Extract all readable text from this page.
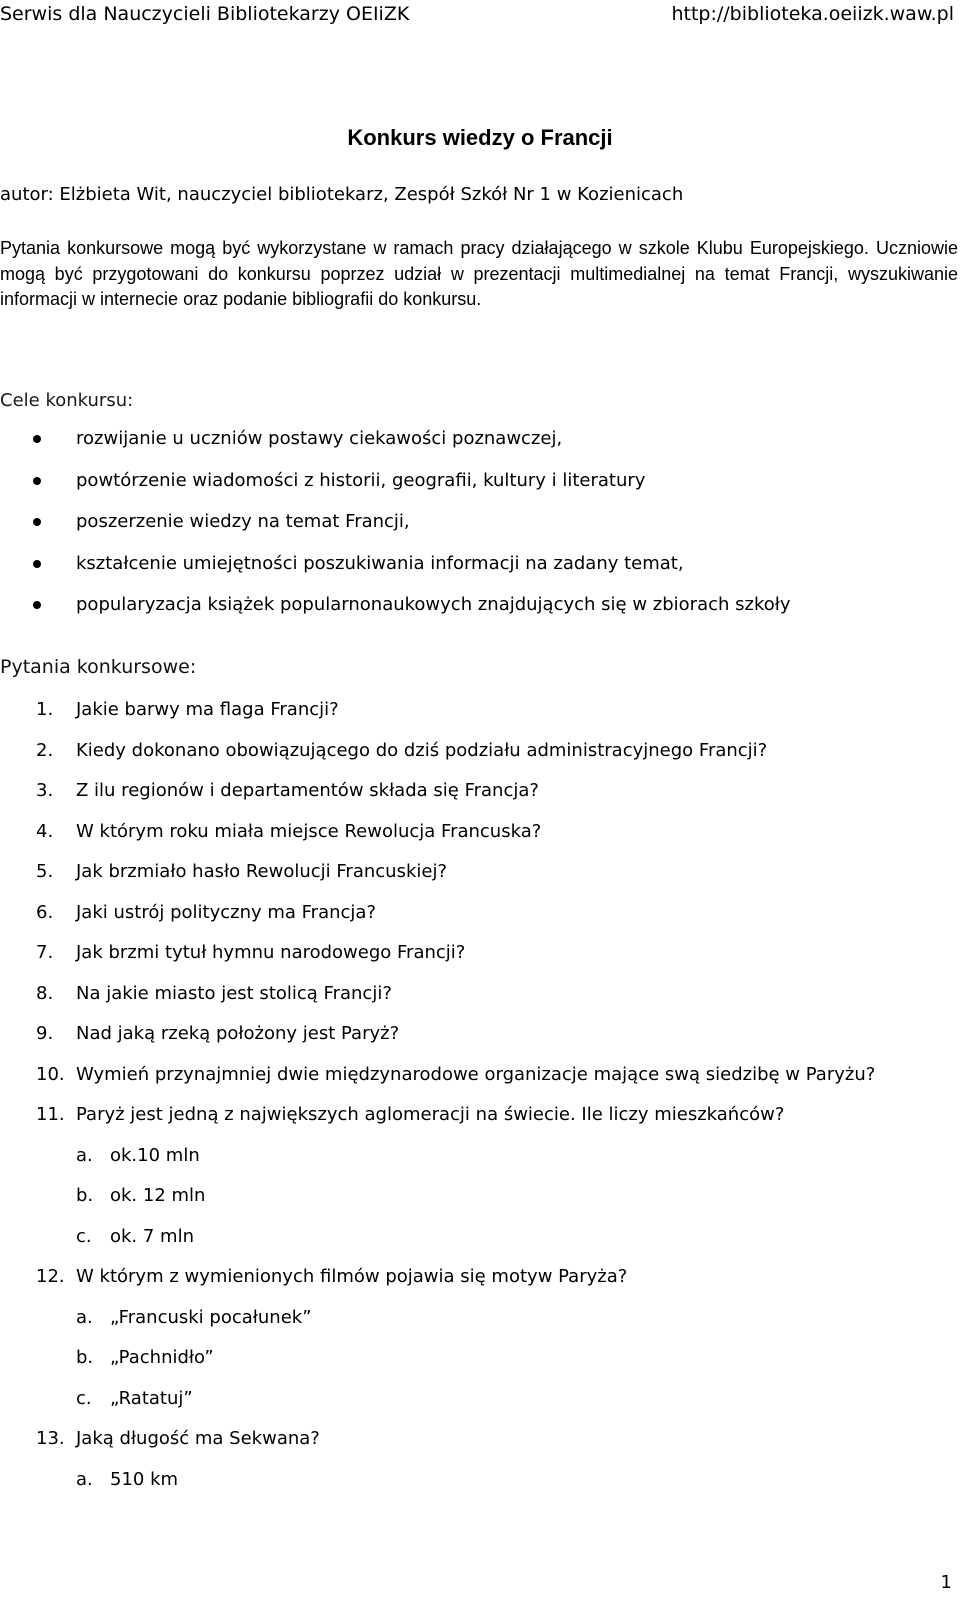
Serwis dla Nauczycieli Bibliotekarzy OEIiZK	http://biblioteka.oeiizk.waw.pl
Konkurs wiedzy o Francji
autor: Elżbieta Wit, nauczyciel bibliotekarz, Zespół Szkół Nr 1 w Kozienicach
Pytania konkursowe mogą być wykorzystane w ramach pracy działającego w szkole Klubu Europejskiego. Uczniowie mogą być przygotowani do konkursu poprzez udział w prezentacji multimedialnej na temat Francji, wyszukiwanie informacji w internecie oraz podanie bibliografii do konkursu.
Cele konkursu:
rozwijanie u uczniów postawy ciekawości poznawczej,
powtórzenie wiadomości z historii, geografii, kultury i literatury
poszerzenie wiedzy na temat Francji,
kształcenie umiejętności poszukiwania informacji na zadany temat,
popularyzacja książek popularnonaukowych znajdujących się w zbiorach szkoły
Pytania konkursowe:
1. Jakie barwy ma flaga Francji?
2. Kiedy dokonano obowiązującego do dziś podziału administracyjnego Francji?
3. Z ilu regionów i departamentów składa się Francja?
4. W którym roku miała miejsce Rewolucja Francuska?
5. Jak brzmiało hasło Rewolucji Francuskiej?
6. Jaki ustrój polityczny ma Francja?
7. Jak brzmi tytuł hymnu narodowego Francji?
8. Na jakie miasto jest stolicą Francji?
9. Nad jaką rzeką położony jest Paryż?
10. Wymień przynajmniej dwie międzynarodowe organizacje mające swą siedzibę w Paryżu?
11. Paryż jest jedną z największych aglomeracji na świecie. Ile liczy mieszkańców?
a. ok.10 mln
b. ok. 12 mln
c. ok. 7 mln
12. W którym z wymienionych filmów pojawia się motyw Paryża?
a. „Francuski pocałunek”
b. „Pachnidło”
c. „Ratatuj”
13. Jaką długość ma Sekwana?
a. 510 km
1
